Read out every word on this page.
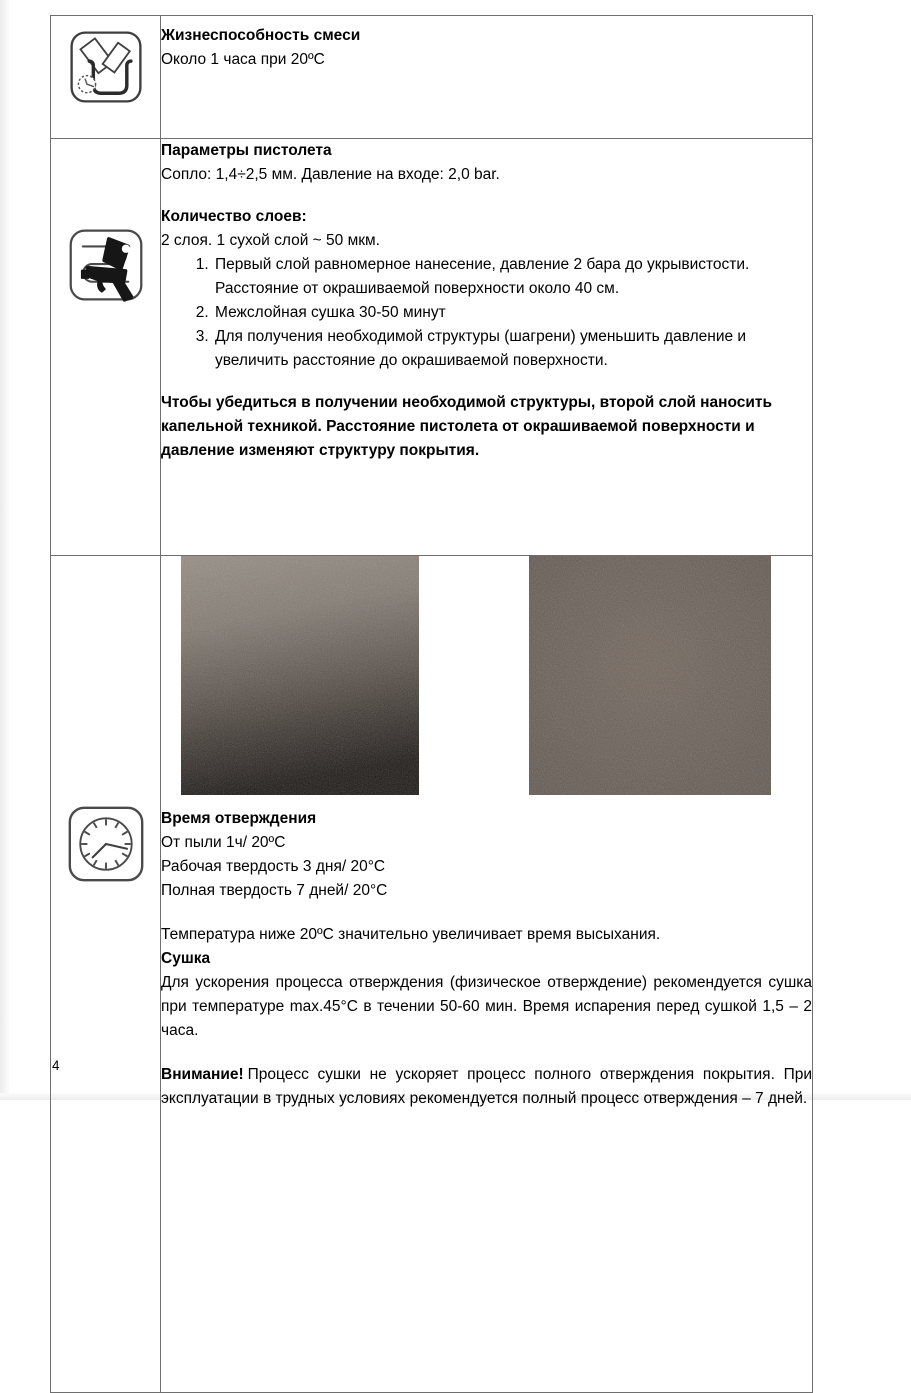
Жизнеспособность смеси

Около 1 часа при 20ºС

Параметры пистолета

Сопло: 1,4÷2,5 мм. Давление на входе: 2,0 bar.

Количество слоев:

2 слоя. 1 сухой слой ~ 50 мкм.

1. Первый слой равномерное нанесение, давление 2 бара до укрывистости. Расстояние от окрашиваемой поверхности около 40 см.
2. Межслойная сушка 30-50 минут
3. Для получения необходимой структуры (шагрени) уменьшить давление и увеличить расстояние до окрашиваемой поверхности.

Чтобы убедиться в получении необходимой структуры, второй слой наносить капельной техникой. Расстояние пистолета от окрашиваемой поверхности и давление изменяют структуру покрытия.

Время отверждения

От пыли 1ч/ 20ºС

Рабочая твердость 3 дня/ 20°С

Полная твердость 7 дней/ 20°С

Температура ниже 20ºС значительно увеличивает время высыхания.

Сушка

Для ускорения процесса отверждения (физическое отверждение) рекомендуется сушка при температуре max.45°С в течении 50-60 мин. Время испарения перед сушкой 1,5 – 2 часа.

Внимание! Процесс сушки не ускоряет процесс полного отверждения покрытия. При эксплуатации в трудных условиях рекомендуется полный процесс отверждения – 7 дней.

4
